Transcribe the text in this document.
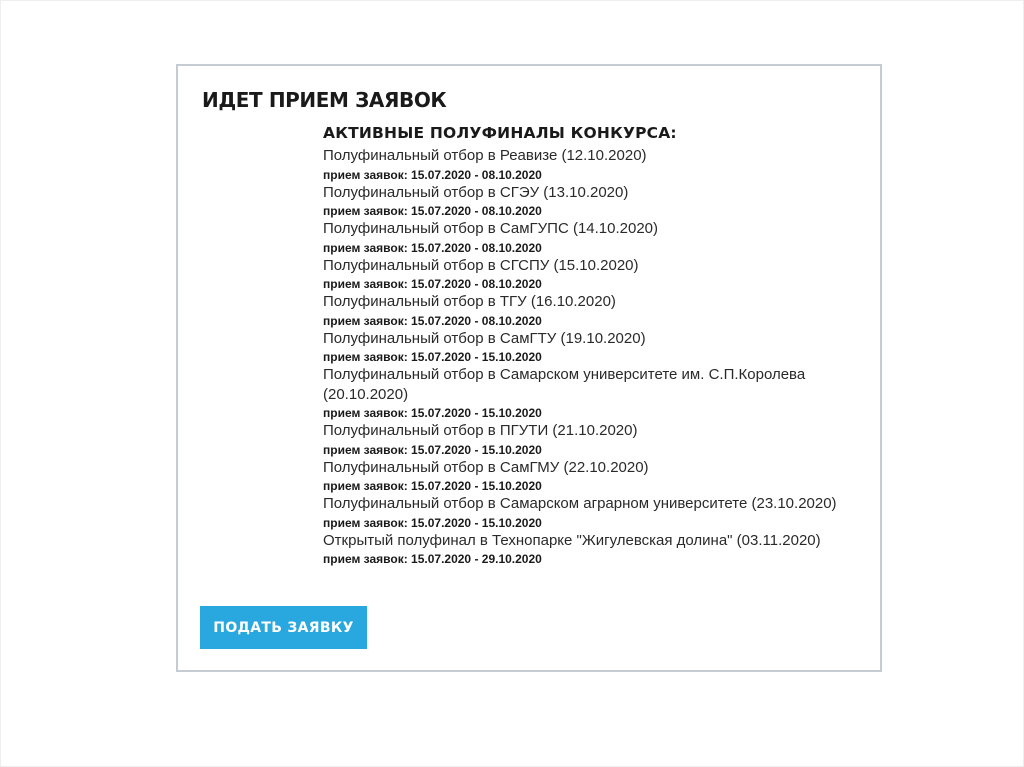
ИДЕТ ПРИЕМ ЗАЯВОК
АКТИВНЫЕ ПОЛУФИНАЛЫ КОНКУРСА:
Полуфинальный отбор в Реавизе (12.10.2020)
прием заявок: 15.07.2020 - 08.10.2020
Полуфинальный отбор в СГЭУ (13.10.2020)
прием заявок: 15.07.2020 - 08.10.2020
Полуфинальный отбор в СамГУПС (14.10.2020)
прием заявок: 15.07.2020 - 08.10.2020
Полуфинальный отбор в СГСПУ (15.10.2020)
прием заявок: 15.07.2020 - 08.10.2020
Полуфинальный отбор в ТГУ (16.10.2020)
прием заявок: 15.07.2020 - 08.10.2020
Полуфинальный отбор в СамГТУ (19.10.2020)
прием заявок: 15.07.2020 - 15.10.2020
Полуфинальный отбор в Самарском университете им. С.П.Королева (20.10.2020)
прием заявок: 15.07.2020 - 15.10.2020
Полуфинальный отбор в ПГУТИ (21.10.2020)
прием заявок: 15.07.2020 - 15.10.2020
Полуфинальный отбор в СамГМУ (22.10.2020)
прием заявок: 15.07.2020 - 15.10.2020
Полуфинальный отбор в Самарском аграрном университете (23.10.2020)
прием заявок: 15.07.2020 - 15.10.2020
Открытый полуфинал в Технопарке "Жигулевская долина" (03.11.2020)
прием заявок: 15.07.2020 - 29.10.2020
ПОДАТЬ ЗАЯВКУ
